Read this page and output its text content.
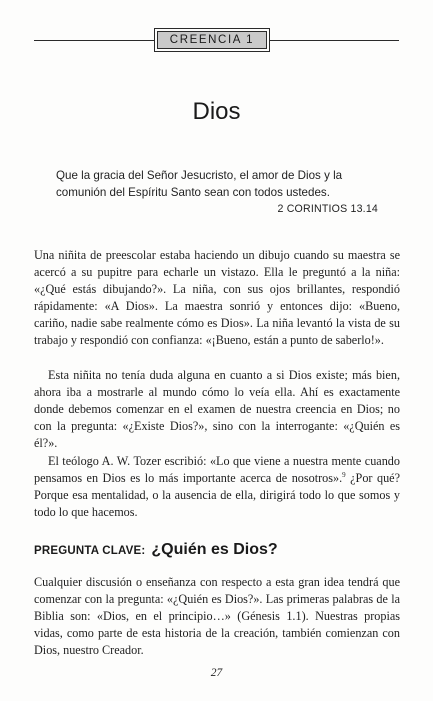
CREENCIA 1
Dios

Que la gracia del Señor Jesucristo, el amor de Dios y la comunión del Espíritu Santo sean con todos ustedes.

2 CORINTIOS 13.14

Una niñita de preescolar estaba haciendo un dibujo cuando su maestra se acercó a su pupitre para echarle un vistazo. Ella le preguntó a la niña: «¿Qué estás dibujando?». La niña, con sus ojos brillantes, respondió rápidamente: «A Dios». La maestra sonrió y entonces dijo: «Bueno, cariño, nadie sabe realmente cómo es Dios». La niña levantó la vista de su trabajo y respondió con confianza: «¡Bueno, están a punto de saberlo!».

Esta niñita no tenía duda alguna en cuanto a si Dios existe; más bien, ahora iba a mostrarle al mundo cómo lo veía ella. Ahí es exactamente donde debemos comenzar en el examen de nuestra creencia en Dios; no con la pregunta: «¿Existe Dios?», sino con la interrogante: «¿Quién es él?».

El teólogo A. W. Tozer escribió: «Lo que viene a nuestra mente cuando pensamos en Dios es lo más importante acerca de nosotros».$^9$ ¿Por qué? Porque esa mentalidad, o la ausencia de ella, dirigirá todo lo que somos y todo lo que hacemos.

PREGUNTA CLAVE: ¿Quién es Dios?

Cualquier discusión o enseñanza con respecto a esta gran idea tendrá que comenzar con la pregunta: «¿Quién es Dios?». Las primeras palabras de la Biblia son: «Dios, en el principio…» (Génesis 1.1). Nuestras propias vidas, como parte de esta historia de la creación, también comienzan con Dios, nuestro Creador.

27
